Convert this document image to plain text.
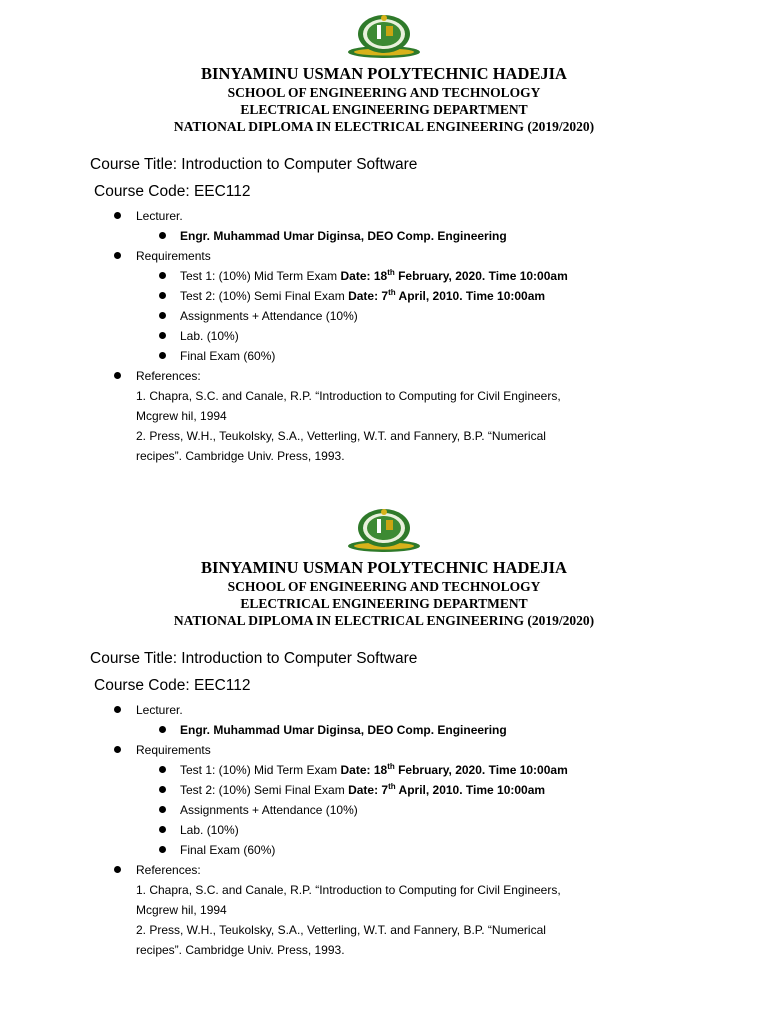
BINYAMINU USMAN POLYTECHNIC HADEJIA
SCHOOL OF ENGINEERING AND TECHNOLOGY
ELECTRICAL ENGINEERING DEPARTMENT
NATIONAL DIPLOMA IN ELECTRICAL ENGINEERING (2019/2020)
Course Title: Introduction to Computer Software
Course Code: EEC112
Lecturer.
Engr. Muhammad Umar Diginsa, DEO Comp. Engineering
Requirements
Test 1: (10%) Mid Term Exam Date: 18th February, 2020. Time 10:00am
Test 2: (10%) Semi Final Exam Date: 7th April, 2010. Time 10:00am
Assignments + Attendance (10%)
Lab. (10%)
Final Exam (60%)
References:
1. Chapra, S.C. and Canale, R.P. “Introduction to Computing for Civil Engineers, Mcgrew hil, 1994
2. Press, W.H., Teukolsky, S.A., Vetterling, W.T. and Fannery, B.P. “Numerical recipes”. Cambridge Univ. Press, 1993.
BINYAMINU USMAN POLYTECHNIC HADEJIA
SCHOOL OF ENGINEERING AND TECHNOLOGY
ELECTRICAL ENGINEERING DEPARTMENT
NATIONAL DIPLOMA IN ELECTRICAL ENGINEERING (2019/2020)
Course Title: Introduction to Computer Software
Course Code: EEC112
Lecturer.
Engr. Muhammad Umar Diginsa, DEO Comp. Engineering
Requirements
Test 1: (10%) Mid Term Exam Date: 18th February, 2020. Time 10:00am
Test 2: (10%) Semi Final Exam Date: 7th April, 2010. Time 10:00am
Assignments + Attendance (10%)
Lab. (10%)
Final Exam (60%)
References:
1. Chapra, S.C. and Canale, R.P. “Introduction to Computing for Civil Engineers, Mcgrew hil, 1994
2. Press, W.H., Teukolsky, S.A., Vetterling, W.T. and Fannery, B.P. “Numerical recipes”. Cambridge Univ. Press, 1993.
